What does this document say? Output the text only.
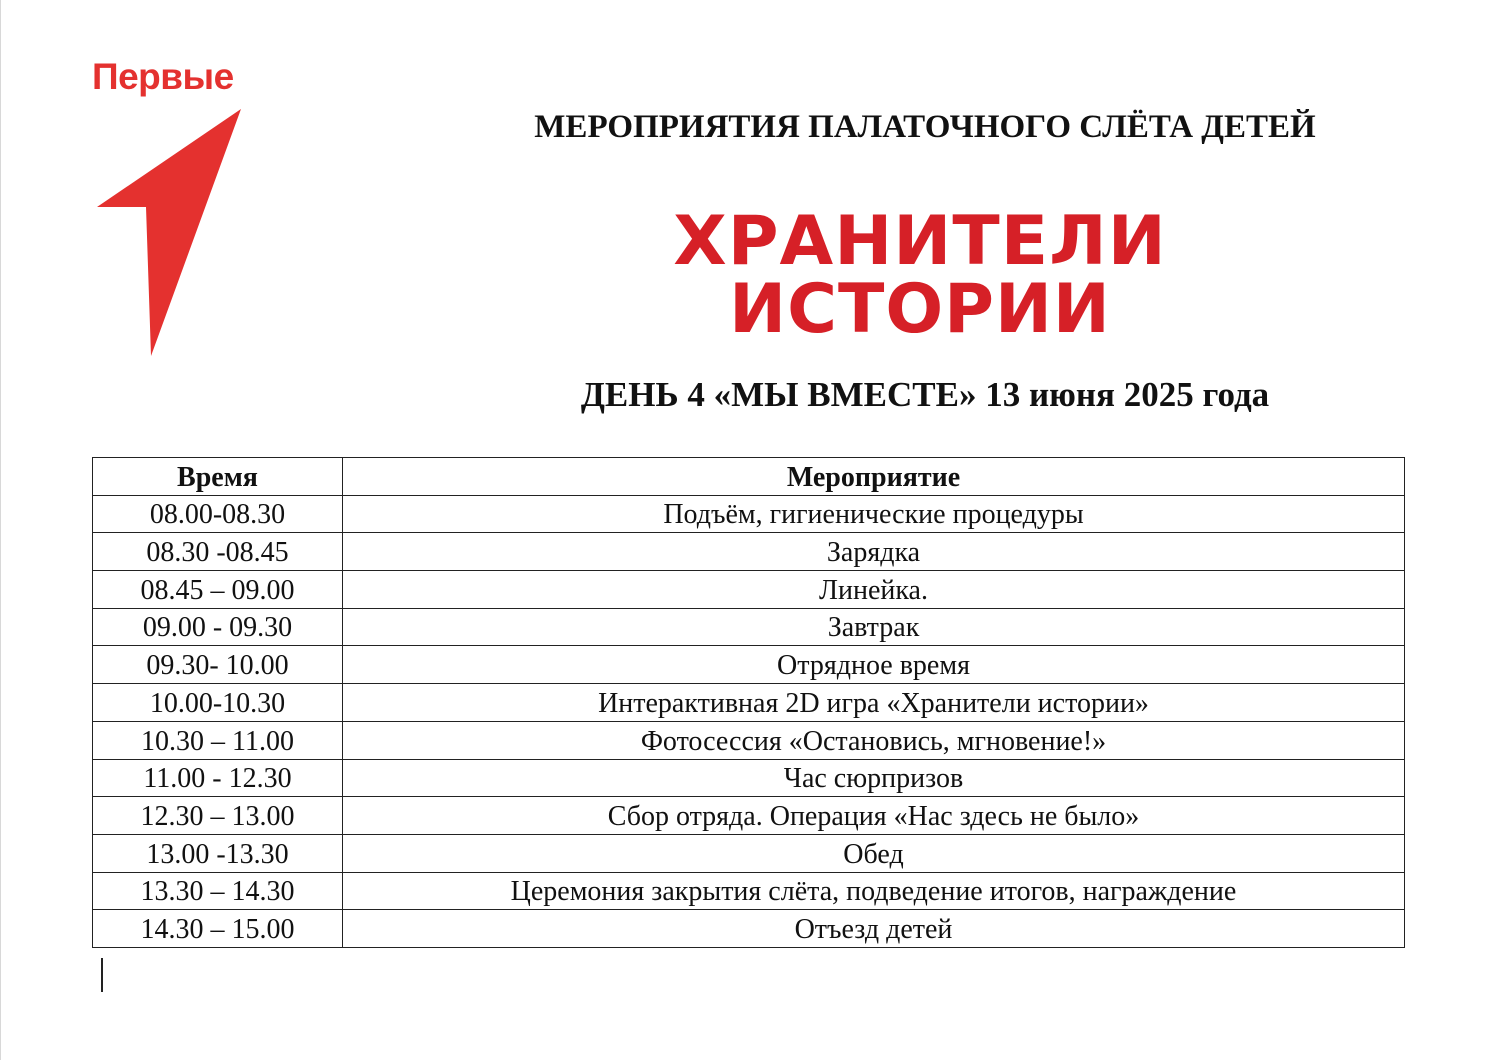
Первые
МЕРОПРИЯТИЯ ПАЛАТОЧНОГО СЛЁТА ДЕТЕЙ
ХРАНИТЕЛИ
ИСТОРИИ
ДЕНЬ 4 «МЫ ВМЕСТЕ» 13 июня 2025 года
Время	Мероприятие
08.00-08.30	Подъём, гигиенические процедуры
08.30 -08.45	Зарядка
08.45 – 09.00	Линейка.
09.00 - 09.30	Завтрак
09.30- 10.00	Отрядное время
10.00-10.30	Интерактивная 2D игра «Хранители истории»
10.30 – 11.00	Фотосессия «Остановись, мгновение!»
11.00 - 12.30	Час сюрпризов
12.30 – 13.00	Сбор отряда. Операция «Нас здесь не было»
13.00 -13.30	Обед
13.30 – 14.30	Церемония закрытия слёта, подведение итогов, награждение
14.30 – 15.00	Отъезд детей
